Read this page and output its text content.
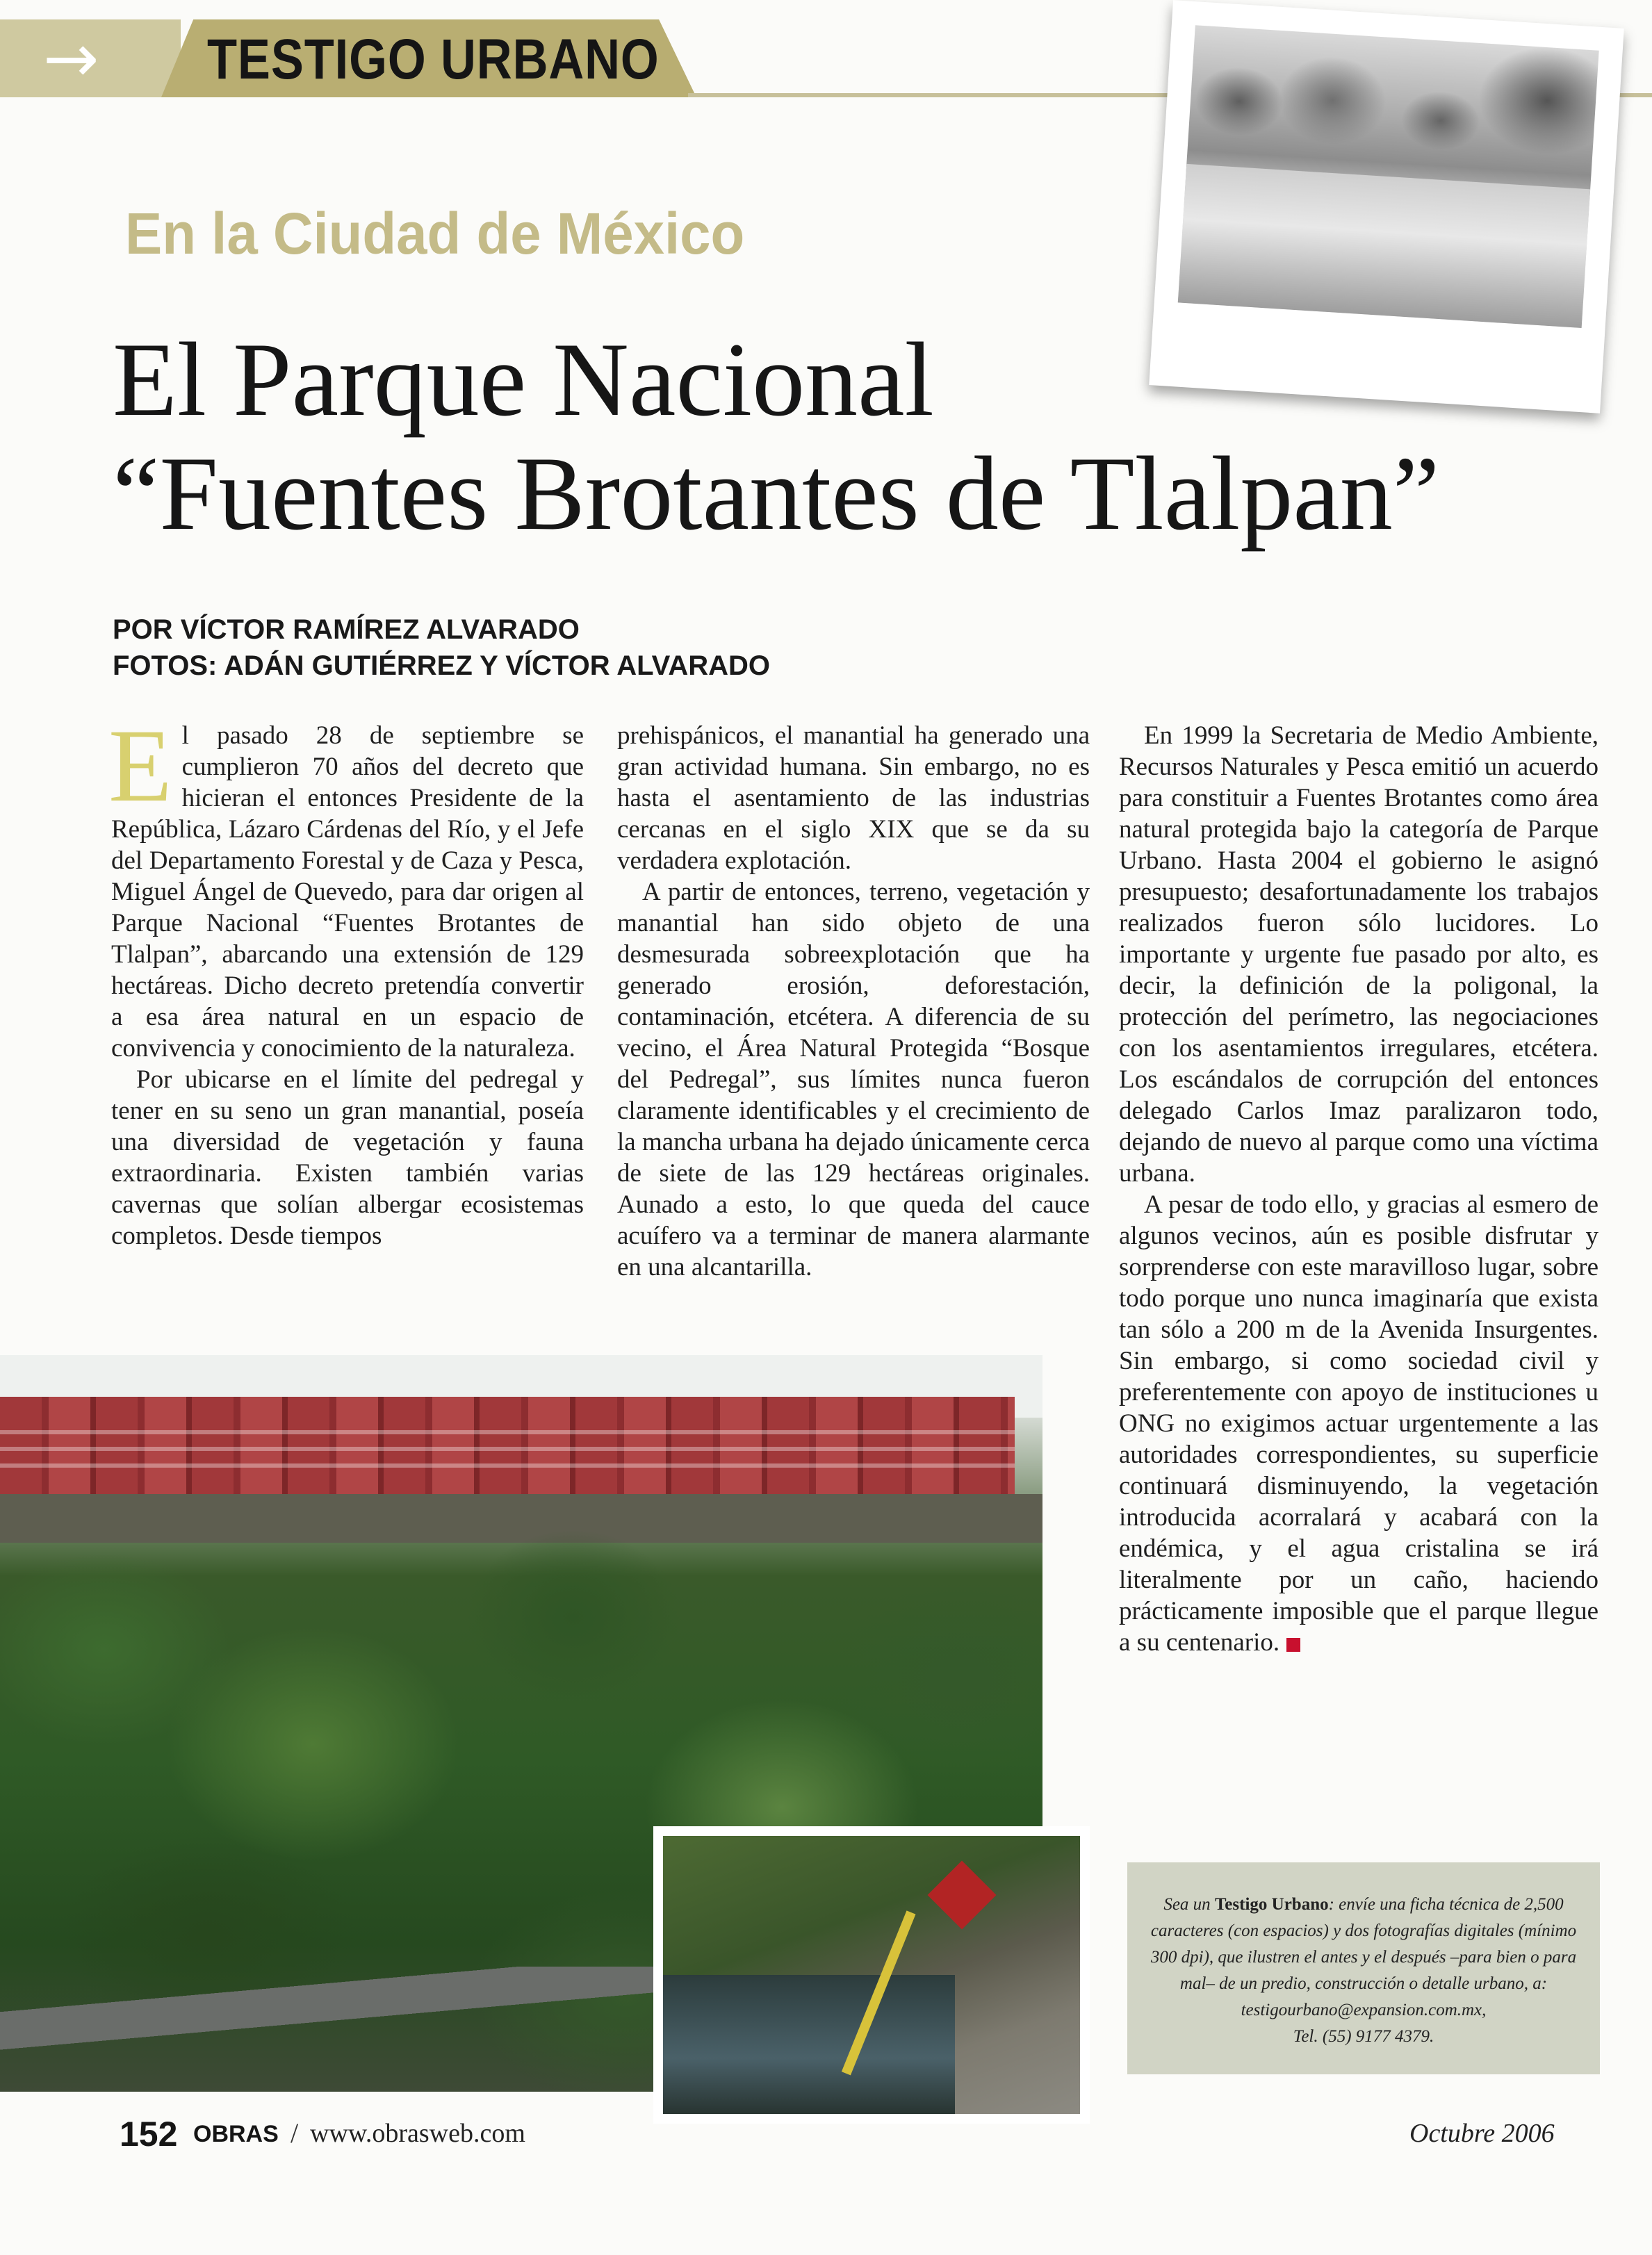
→ TESTIGO URBANO
En la Ciudad de México
El Parque Nacional
“Fuentes Brotantes de Tlalpan”
POR VÍCTOR RAMÍREZ ALVARADO
FOTOS: ADÁN GUTIÉRREZ Y VÍCTOR ALVARADO

El pasado 28 de septiembre se cumplieron 70 años del decreto que hicieran el entonces Presidente de la República, Lázaro Cárdenas del Río, y el Jefe del Departamento Forestal y de Caza y Pesca, Miguel Ángel de Quevedo, para dar origen al Parque Nacional “Fuentes Brotantes de Tlalpan”, abarcando una extensión de 129 hectáreas. Dicho decreto pretendía convertir a esa área natural en un espacio de convivencia y conocimiento de la naturaleza.

Por ubicarse en el límite del pedregal y tener en su seno un gran manantial, poseía una diversidad de vegetación y fauna extraordinaria. Existen también varias cavernas que solían albergar ecosistemas completos. Desde tiempos

prehispánicos, el manantial ha generado una gran actividad humana. Sin embargo, no es hasta el asentamiento de las industrias cercanas en el siglo XIX que se da su verdadera explotación.

A partir de entonces, terreno, vegetación y manantial han sido objeto de una desmesurada sobreexplotación que ha generado erosión, deforestación, contaminación, etcétera. A diferencia de su vecino, el Área Natural Protegida “Bosque del Pedregal”, sus límites nunca fueron claramente identificables y el crecimiento de la mancha urbana ha dejado únicamente cerca de siete de las 129 hectáreas originales. Aunado a esto, lo que queda del cauce acuífero va a terminar de manera alarmante en una alcantarilla.

En 1999 la Secretaria de Medio Ambiente, Recursos Naturales y Pesca emitió un acuerdo para constituir a Fuentes Brotantes como área natural protegida bajo la categoría de Parque Urbano. Hasta 2004 el gobierno le asignó presupuesto; desafortunadamente los trabajos realizados fueron sólo lucidores. Lo importante y urgente fue pasado por alto, es decir, la definición de la poligonal, la protección del perímetro, las negociaciones con los asentamientos irregulares, etcétera. Los escándalos de corrupción del entonces delegado Carlos Imaz paralizaron todo, dejando de nuevo al parque como una víctima urbana.

A pesar de todo ello, y gracias al esmero de algunos vecinos, aún es posible disfrutar y sorprenderse con este maravilloso lugar, sobre todo porque uno nunca imaginaría que exista tan sólo a 200 m de la Avenida Insurgentes. Sin embargo, si como sociedad civil y preferentemente con apoyo de instituciones u ONG no exigimos actuar urgentemente a las autoridades correspondientes, su superficie continuará disminuyendo, la vegetación introducida acorralará y acabará con la endémica, y el agua cristalina se irá literalmente por un caño, haciendo prácticamente imposible que el parque llegue a su centenario.

Sea un Testigo Urbano: envíe una ficha técnica de 2,500 caracteres (con espacios) y dos fotografías digitales (mínimo 300 dpi), que ilustren el antes y el después –para bien o para mal– de un predio, construcción o detalle urbano, a:
testigourbano@expansion.com.mx,
Tel. (55) 9177 4379.
152 OBRAS / www.obrasweb.com	Octubre 2006
